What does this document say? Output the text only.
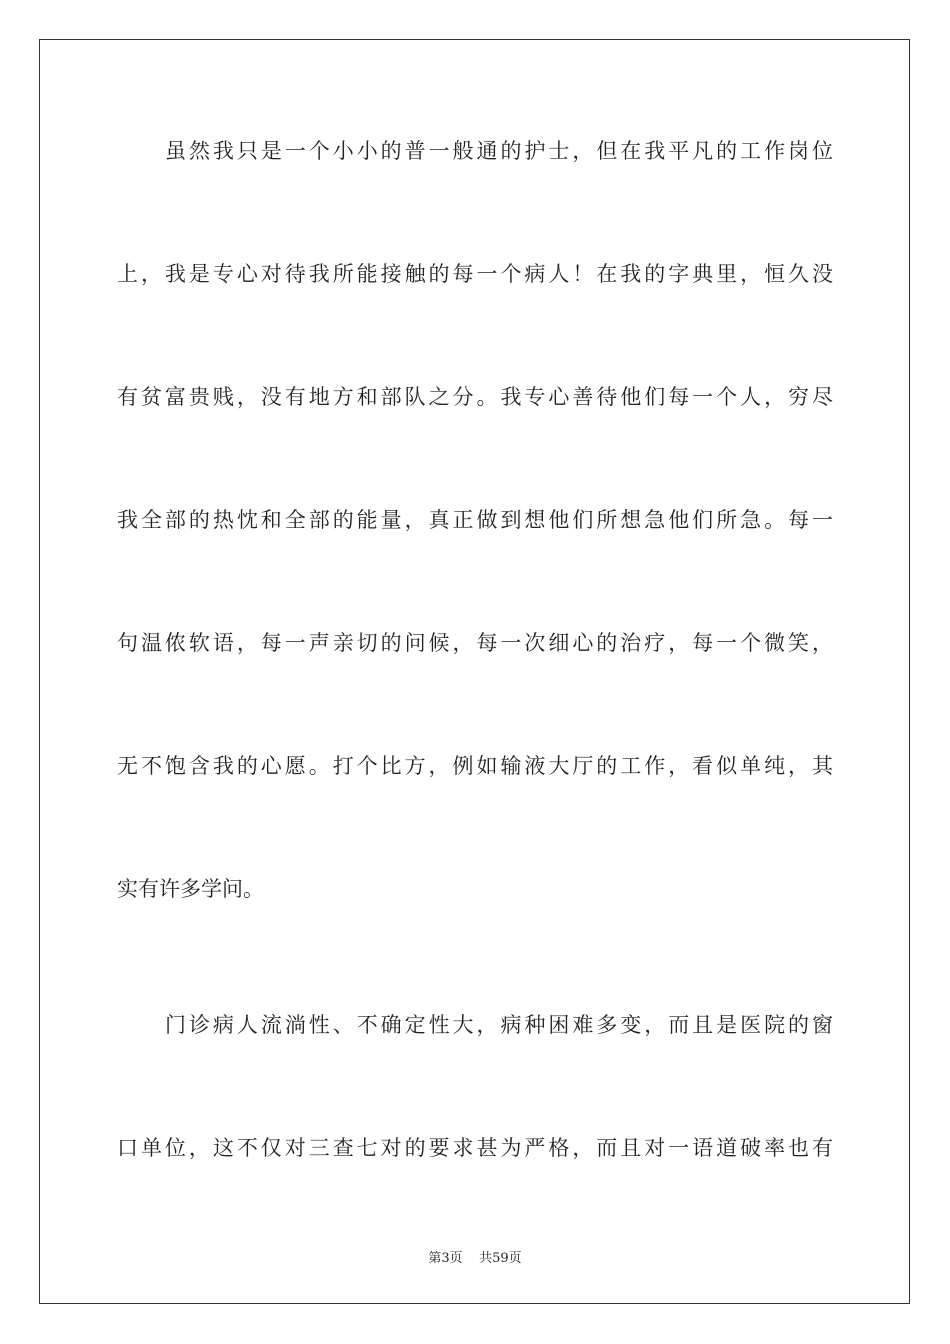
虽然我只是一个小小的普一般通的护士，但在我平凡的工作岗位
上，我是专心对待我所能接触的每一个病人！在我的字典里，恒久没
有贫富贵贱，没有地方和部队之分。我专心善待他们每一个人，穷尽
我全部的热忱和全部的能量，真正做到想他们所想急他们所急。每一
句温侬软语，每一声亲切的问候，每一次细心的治疗，每一个微笑，
无不饱含我的心愿。打个比方，例如输液大厅的工作，看似单纯，其
实有许多学问。
门诊病人流淌性、不确定性大，病种困难多变，而且是医院的窗
口单位，这不仅对三查七对的要求甚为严格，而且对一语道破率也有
第3页 共59页
